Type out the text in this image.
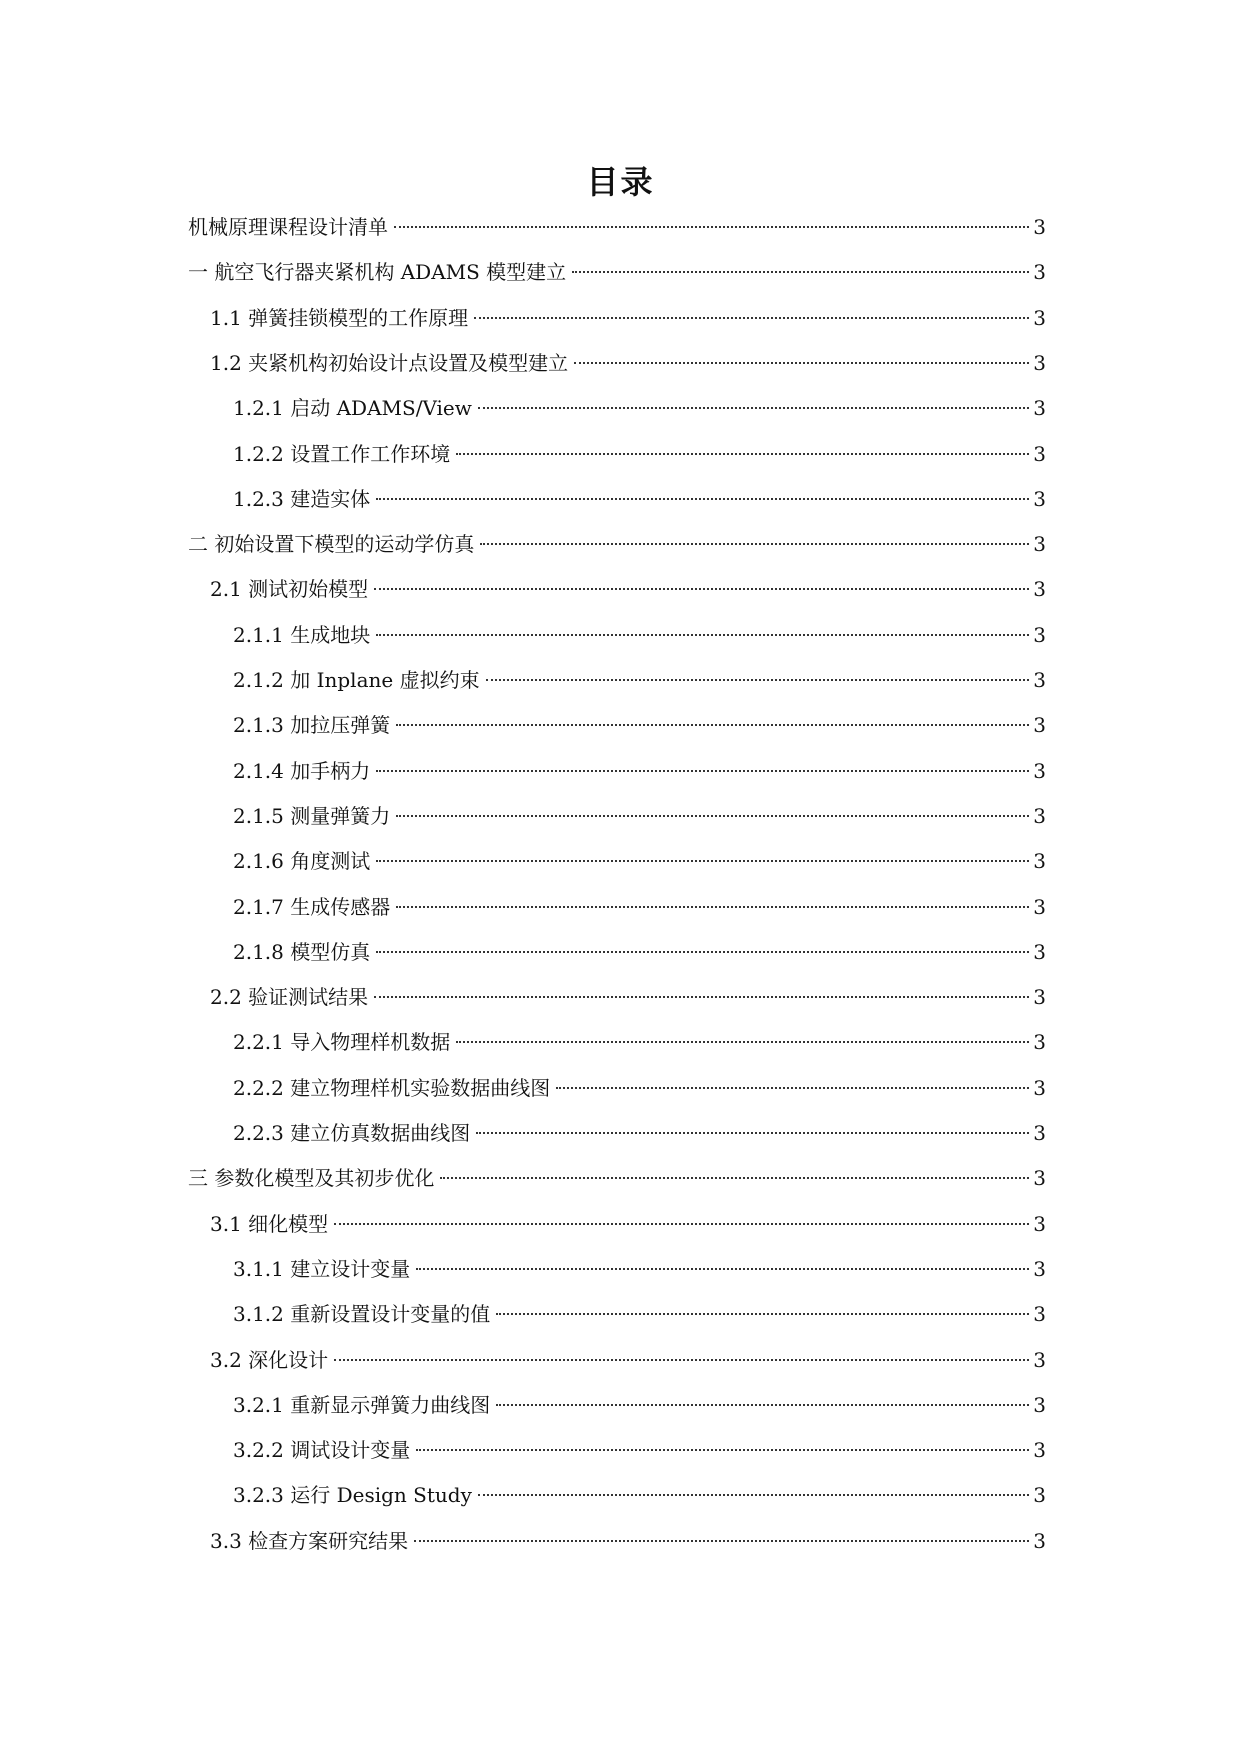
目录
机械原理课程设计清单	3
一 航空飞行器夹紧机构 ADAMS 模型建立	3
1.1 弹簧挂锁模型的工作原理	3
1.2 夹紧机构初始设计点设置及模型建立	3
1.2.1 启动 ADAMS/View	3
1.2.2 设置工作工作环境	3
1.2.3 建造实体	3
二 初始设置下模型的运动学仿真	3
2.1 测试初始模型	3
2.1.1 生成地块	3
2.1.2 加 Inplane 虚拟约束	3
2.1.3 加拉压弹簧	3
2.1.4 加手柄力	3
2.1.5 测量弹簧力	3
2.1.6 角度测试	3
2.1.7 生成传感器	3
2.1.8 模型仿真	3
2.2 验证测试结果	3
2.2.1 导入物理样机数据	3
2.2.2 建立物理样机实验数据曲线图	3
2.2.3 建立仿真数据曲线图	3
三 参数化模型及其初步优化	3
3.1 细化模型	3
3.1.1 建立设计变量	3
3.1.2 重新设置设计变量的值	3
3.2 深化设计	3
3.2.1 重新显示弹簧力曲线图	3
3.2.2 调试设计变量	3
3.2.3 运行 Design Study	3
3.3 检查方案研究结果	3
